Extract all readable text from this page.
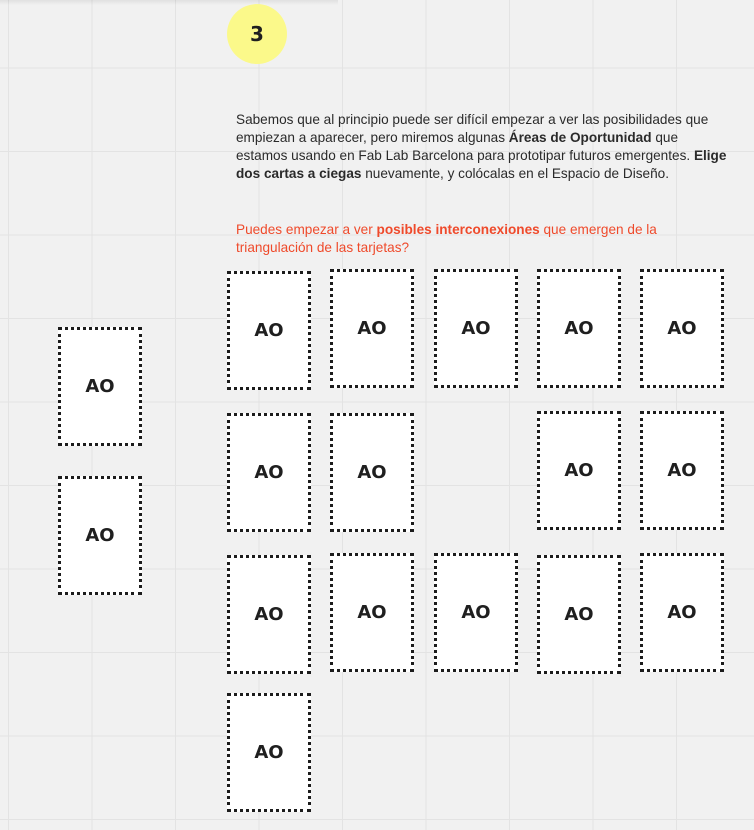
3

Sabemos que al principio puede ser difícil empezar a ver las posibilidades que empiezan a aparecer, pero miremos algunas Áreas de Oportunidad que estamos usando en Fab Lab Barcelona para prototipar futuros emergentes. Elige dos cartas a ciegas nuevamente, y colócalas en el Espacio de Diseño.

Puedes empezar a ver posibles interconexiones que emergen de la triangulación de las tarjetas?

AO
AO
AO	AO	AO	AO	AO
AO	AO	AO	AO
AO	AO	AO	AO	AO
AO
